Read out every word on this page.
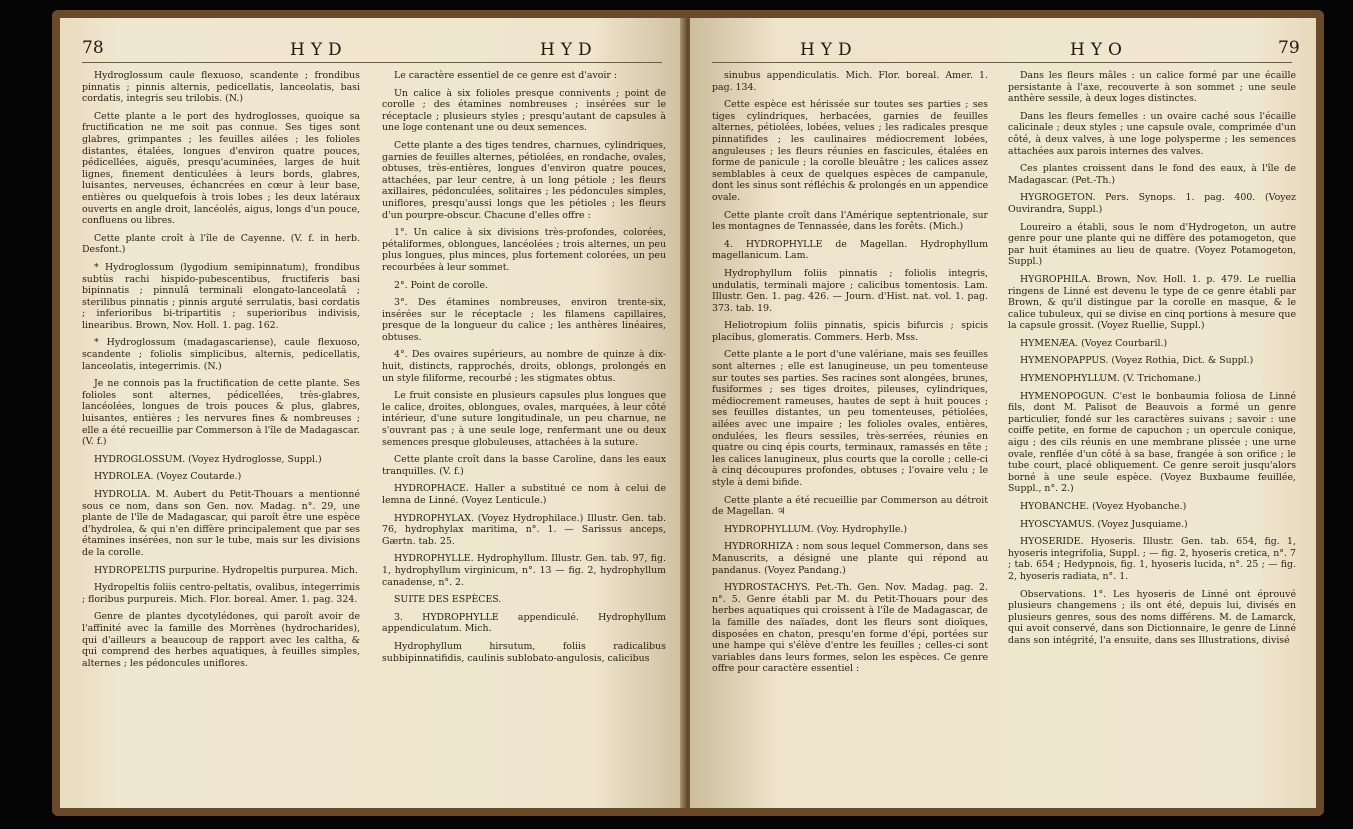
78	HYD	HYD

Hydroglossum caule flexuoso, scandente ; frondibus pinnatis ; pinnis alternis, pedicellatis, lanceolatis, basi cordatis, integris seu trilobis. (N.)

Cette plante a le port des hydroglosses, quoique sa fructification ne me soit pas connue. Ses tiges sont glabres, grimpantes ; les feuilles ailées ; les folioles distantes, étalées, longues d'environ quatre pouces, pédicellées, aiguës, presqu'acuminées, larges de huit lignes, finement denticulées à leurs bords, glabres, luisantes, nerveuses, échancrées en cœur à leur base, entières ou quelquefois à trois lobes ; les deux latéraux ouverts en angle droit, lancéolés, aigus, longs d'un pouce, confluens ou libres.

Cette plante croît à l'île de Cayenne. (V. f. in herb. Desfont.)

* Hydroglossum (lygodium semipinnatum), frondibus subtùs rachi hispido-pubescentibus, fructiferis basi bipinnatis ; pinnulâ terminali elongato-lanceolatâ ; sterilibus pinnatis ; pinnis arguté serrulatis, basi cordatis ; inferioribus bi-tripartitis ; superioribus indivisis, linearibus. Brown, Nov. Holl. 1. pag. 162.

* Hydroglossum (madagascariense), caule flexuoso, scandente ; foliolis simplicibus, alternis, pedicellatis, lanceolatis, integerrimis. (N.)

Je ne connois pas la fructification de cette plante. Ses folioles sont alternes, pédicellées, très-glabres, lancéolées, longues de trois pouces & plus, glabres, luisantes, entières ; les nervures fines & nombreuses ; elle a été recueillie par Commerson à l'île de Madagascar. (V. f.)

HYDROGLOSSUM. (Voyez Hydroglosse, Suppl.)

HYDROLEA. (Voyez Coutarde.)

HYDROLIA. M. Aubert du Petit-Thouars a mentionné sous ce nom, dans son Gen. nov. Madag. n°. 29, une plante de l'île de Madagascar, qui paroît être une espèce d'hydrolea, & qui n'en diffère principalement que par ses étamines insérées, non sur le tube, mais sur les divisions de la corolle.

HYDROPELTIS purpurine. Hydropeltis purpurea. Mich.

Hydropeltis foliis centro-peltatis, ovalibus, integerrimis ; floribus purpureis. Mich. Flor. boreal. Amer. 1. pag. 324.

Genre de plantes dycotylédones, qui paroît avoir de l'affinité avec la famille des Morrènes (hydrocharides), qui d'ailleurs a beaucoup de rapport avec les caltha, & qui comprend des herbes aquatiques, à feuilles simples, alternes ; les pédoncules uniflores.

Le caractère essentiel de ce genre est d'avoir :

Un calice à six folioles presque connivents ; point de corolle ; des étamines nombreuses ; insérées sur le réceptacle ; plusieurs styles ; presqu'autant de capsules à une loge contenant une ou deux semences.

Cette plante a des tiges tendres, charnues, cylindriques, garnies de feuilles alternes, pétiolées, en rondache, ovales, obtuses, très-entières, longues d'environ quatre pouces, attachées, par leur centre, à un long pétiole ; les fleurs axillaires, pédonculées, solitaires ; les pédoncules simples, uniflores, presqu'aussi longs que les pétioles ; les fleurs d'un pourpre-obscur. Chacune d'elles offre :

1°. Un calice à six divisions très-profondes, colorées, pétaliformes, oblongues, lancéolées ; trois alternes, un peu plus longues, plus minces, plus fortement colorées, un peu recourbées à leur sommet.

2°. Point de corolle.

3°. Des étamines nombreuses, environ trente-six, insérées sur le réceptacle ; les filamens capillaires, presque de la longueur du calice ; les anthères linéaires, obtuses.

4°. Des ovaires supérieurs, au nombre de quinze à dix-huit, distincts, rapprochés, droits, oblongs, prolongés en un style filiforme, recourbé ; les stigmates obtus.

Le fruit consiste en plusieurs capsules plus longues que le calice, droites, oblongues, ovales, marquées, à leur côté intérieur, d'une suture longitudinale, un peu charnue, ne s'ouvrant pas ; à une seule loge, renfermant une ou deux semences presque globuleuses, attachées à la suture.

Cette plante croît dans la basse Caroline, dans les eaux tranquilles. (V. f.)

HYDROPHACE. Haller a substitué ce nom à celui de lemna de Linné. (Voyez Lenticule.)

HYDROPHYLAX. (Voyez Hydrophilace.) Illustr. Gen. tab. 76, hydrophylax maritima, n°. 1. — Sarissus anceps, Gærtn. tab. 25.

HYDROPHYLLE. Hydrophyllum. Illustr. Gen. tab. 97, fig. 1, hydrophyllum virginicum, n°. 13 — fig. 2, hydrophyllum canadense, n°. 2.

SUITE DES ESPÈCES.

3. HYDROPHYLLE appendiculé. Hydrophyllum appendiculatum. Mich.

Hydrophyllum hirsutum, foliis radicalibus subbipinnatifidis, caulinis sublobato-angulosis, calicibus

HYD	HYO	79

sinubus appendiculatis. Mich. Flor. boreal. Amer. 1. pag. 134.

Cette espèce est hérissée sur toutes ses parties ; ses tiges cylindriques, herbacées, garnies de feuilles alternes, pétiolées, lobées, velues ; les radicales presque pinnatifides ; les caulinaires médiocrement lobées, anguleuses ; les fleurs réunies en fascicules, étalées en forme de panicule ; la corolle bleuâtre ; les calices assez semblables à ceux de quelques espèces de campanule, dont les sinus sont réfléchis & prolongés en un appendice ovale.

Cette plante croît dans l'Amérique septentrionale, sur les montagnes de Tennassée, dans les forêts. (Mich.)

4. HYDROPHYLLE de Magellan. Hydrophyllum magellanicum. Lam.

Hydrophyllum foliis pinnatis ; foliolis integris, undulatis, terminali majore ; calicibus tomentosis. Lam. Illustr. Gen. 1. pag. 426. — Journ. d'Hist. nat. vol. 1. pag. 373. tab. 19.

Heliotropium foliis pinnatis, spicis bifurcis ; spicis placibus, glomeratis. Commers. Herb. Mss.

Cette plante a le port d'une valériane, mais ses feuilles sont alternes ; elle est lanugineuse, un peu tomenteuse sur toutes ses parties. Ses racines sont alongées, brunes, fusiformes ; ses tiges droites, pileuses, cylindriques, médiocrement rameuses, hautes de sept à huit pouces ; ses feuilles distantes, un peu tomenteuses, pétiolées, ailées avec une impaire ; les folioles ovales, entières, ondulées, les fleurs sessiles, très-serrées, réunies en quatre ou cinq épis courts, terminaux, ramassés en tête ; les calices lanugineux, plus courts que la corolle ; celle-ci à cinq découpures profondes, obtuses ; l'ovaire velu ; le style à demi bifide.

Cette plante a été recueillie par Commerson au détroit de Magellan. ♃

HYDROPHYLLUM. (Voy. Hydrophylle.)

HYDRORHIZA : nom sous lequel Commerson, dans ses Manuscrits, a désigné une plante qui répond au pandanus. (Voyez Pandang.)

HYDROSTACHYS. Pet.-Th. Gen. Nov. Madag. pag. 2. n°. 5. Genre établi par M. du Petit-Thouars pour des herbes aquatiques qui croissent à l'île de Madagascar, de la famille des naïades, dont les fleurs sont dioïques, disposées en chaton, presqu'en forme d'épi, portées sur une hampe qui s'élève d'entre les feuilles ; celles-ci sont variables dans leurs formes, selon les espèces. Ce genre offre pour caractère essentiel :

Dans les fleurs mâles : un calice formé par une écaille persistante à l'axe, recouverte à son sommet ; une seule anthère sessile, à deux loges distinctes.

Dans les fleurs femelles : un ovaire caché sous l'écaille calicinale ; deux styles ; une capsule ovale, comprimée d'un côté, à deux valves, à une loge polysperme ; les semences attachées aux parois internes des valves.

Ces plantes croissent dans le fond des eaux, à l'île de Madagascar. (Pet.-Th.)

HYGROGETON. Pers. Synops. 1. pag. 400. (Voyez Ouvirandra, Suppl.)

Loureiro a établi, sous le nom d'Hydrogeton, un autre genre pour une plante qui ne diffère des potamogeton, que par huit étamines au lieu de quatre. (Voyez Potamogeton, Suppl.)

HYGROPHILA. Brown, Nov. Holl. 1. p. 479. Le ruellia ringens de Linné est devenu le type de ce genre établi par Brown, & qu'il distingue par la corolle en masque, & le calice tubuleux, qui se divise en cinq portions à mesure que la capsule grossit. (Voyez Ruellie, Suppl.)

HYMENÆA. (Voyez Courbaril.)

HYMENOPAPPUS. (Voyez Rothia, Dict. & Suppl.)

HYMENOPHYLLUM. (V. Trichomane.)

HYMENOPOGUN. C'est le bonbaumia foliosa de Linné fils, dont M. Palisot de Beauvois a formé un genre particulier, fondé sur les caractères suivans ; savoir : une coiffe petite, en forme de capuchon ; un opercule conique, aigu ; des cils réunis en une membrane plissée ; une urne ovale, renflée d'un côté à sa base, frangée à son orifice ; le tube court, placé obliquement. Ce genre seroit jusqu'alors borné à une seule espèce. (Voyez Buxbaume feuillée, Suppl., n°. 2.)

HYOBANCHE. (Voyez Hyobanche.)

HYOSCYAMUS. (Voyez Jusquiame.)

HYOSERIDE. Hyoseris. Illustr. Gen. tab. 654, fig. 1, hyoseris integrifolia, Suppl. ; — fig. 2, hyoseris cretica, n°. 7 ; tab. 654 ; Hedypnois, fig. 1, hyoseris lucida, n°. 25 ; — fig. 2, hyoseris radiata, n°. 1.

Observations. 1°. Les hyoseris de Linné ont éprouvé plusieurs changemens ; ils ont été, depuis lui, divisés en plusieurs genres, sous des noms différens. M. de Lamarck, qui avoit conservé, dans son Dictionnaire, le genre de Linné dans son intégrité, l'a ensuite, dans ses Illustrations, divisé
